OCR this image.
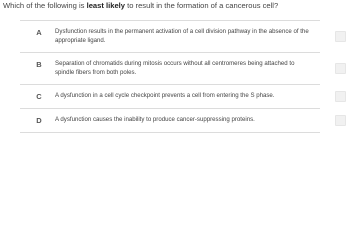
Which of the following is least likely to result in the formation of a cancerous cell?
A Dysfunction results in the permanent activation of a cell division pathway in the absence of the appropriate ligand.
B Separation of chromatids during mitosis occurs without all centromeres being attached to spindle fibers from both poles.
C A dysfunction in a cell cycle checkpoint prevents a cell from entering the S phase.
D A dysfunction causes the inability to produce cancer-suppressing proteins.
